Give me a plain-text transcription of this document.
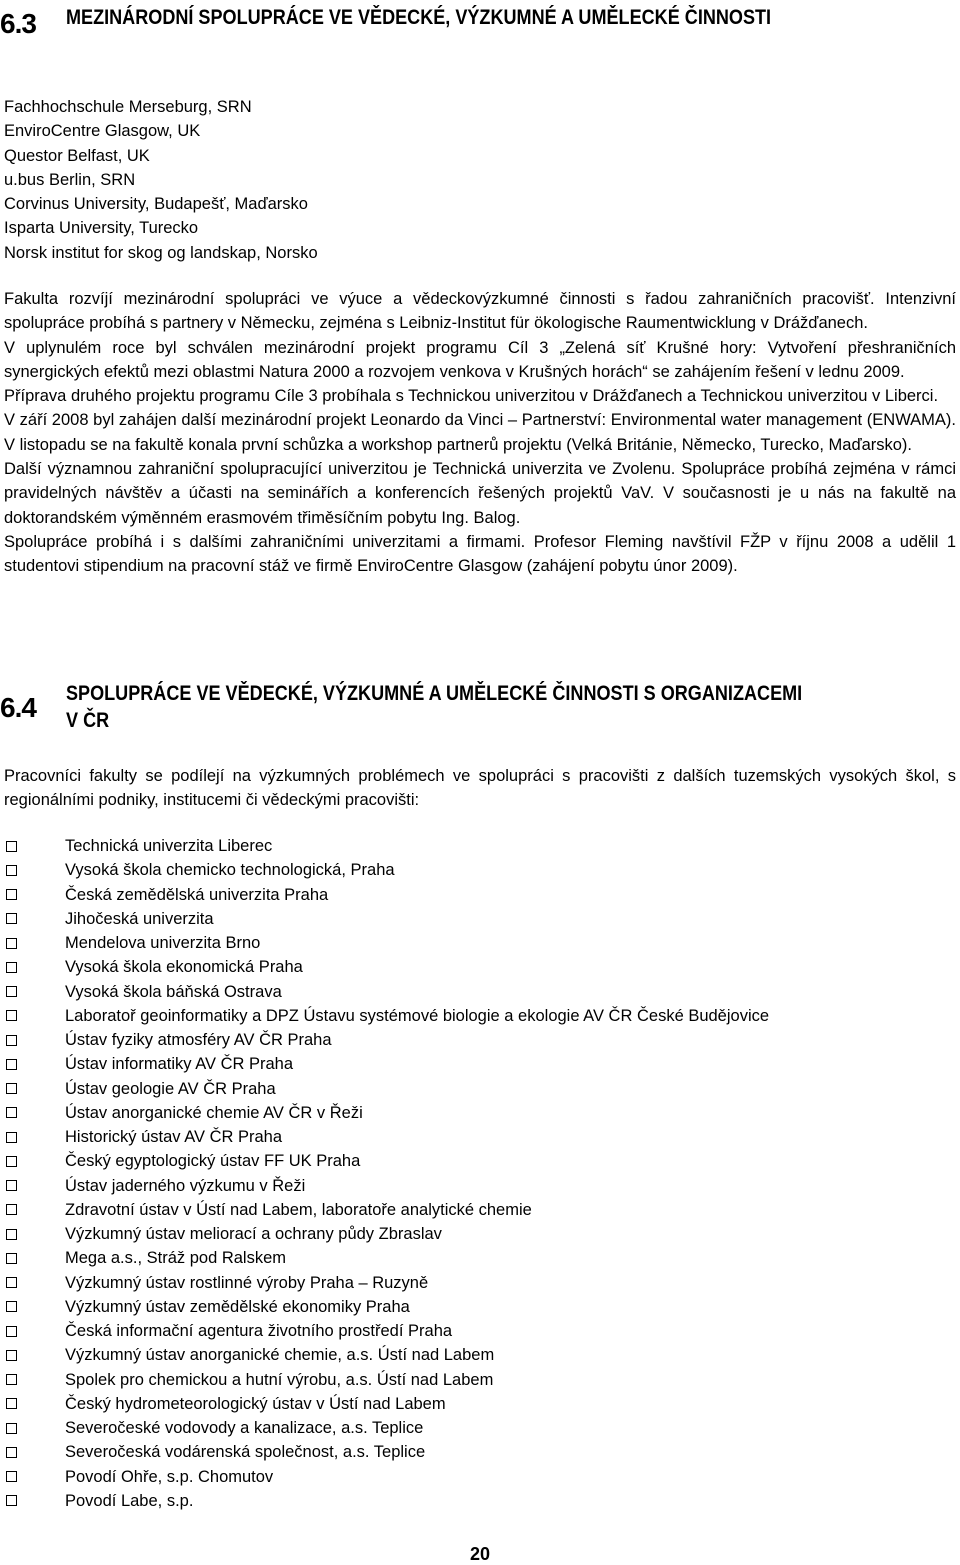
6.3	MEZINÁRODNÍ SPOLUPRÁCE VE VĚDECKÉ, VÝZKUMNÉ A UMĚLECKÉ ČINNOSTI
Fachhochschule Merseburg, SRN
EnviroCentre Glasgow, UK
Questor Belfast, UK
u.bus Berlin, SRN
Corvinus University, Budapešť, Maďarsko
Isparta University, Turecko
Norsk institut for skog og landskap, Norsko

Fakulta rozvíjí mezinárodní spolupráci ve výuce a vědeckovýzkumné činnosti s řadou zahraničních pracovišť. Intenzivní spolupráce probíhá s partnery v Německu, zejména s Leibniz-Institut für ökologische Raumentwicklung v Drážďanech.

V uplynulém roce byl schválen mezinárodní projekt programu Cíl 3 „Zelená síť Krušné hory: Vytvoření přeshraničních synergických efektů mezi oblastmi Natura 2000 a rozvojem venkova v Krušných horách“ se zahájením řešení v lednu 2009.

Příprava druhého projektu programu Cíle 3 probíhala s Technickou univerzitou v Drážďanech a Technickou univerzitou v Liberci.

V září 2008 byl zahájen další mezinárodní projekt Leonardo da Vinci – Partnerství: Environmental water management (ENWAMA). V listopadu se na fakultě konala první schůzka a workshop partnerů projektu (Velká Británie, Německo, Turecko, Maďarsko).

Další významnou zahraniční spolupracující univerzitou je Technická univerzita ve Zvolenu. Spolupráce probíhá zejména v rámci pravidelných návštěv a účasti na seminářích a konferencích řešených projektů VaV. V současnosti je u nás na fakultě na doktorandském výměnném erasmovém třiměsíčním pobytu Ing. Balog.

Spolupráce probíhá i s dalšími zahraničními univerzitami a firmami. Profesor Fleming navštívil FŽP v říjnu 2008 a udělil 1 studentovi stipendium na pracovní stáž ve firmě EnviroCentre Glasgow (zahájení pobytu únor 2009).

6.4	SPOLUPRÁCE VE VĚDECKÉ, VÝZKUMNÉ A UMĚLECKÉ ČINNOSTI S ORGANIZACEMI
V ČR

Pracovníci fakulty se podílejí na výzkumných problémech ve spolupráci s pracovišti z dalších tuzemských vysokých škol, s regionálními podniky, institucemi či vědeckými pracovišti:

Technická univerzita Liberec
Vysoká škola chemicko technologická, Praha
Česká zemědělská univerzita Praha
Jihočeská univerzita
Mendelova univerzita Brno
Vysoká škola ekonomická Praha
Vysoká škola báňská Ostrava
Laboratoř geoinformatiky a DPZ Ústavu systémové biologie a ekologie AV ČR České Budějovice
Ústav fyziky atmosféry AV ČR Praha
Ústav informatiky AV ČR Praha
Ústav geologie AV ČR Praha
Ústav anorganické chemie AV ČR v Řeži
Historický ústav AV ČR Praha
Český egyptologický ústav FF UK Praha
Ústav jaderného výzkumu v Řeži
Zdravotní ústav v Ústí nad Labem, laboratoře analytické chemie
Výzkumný ústav meliorací a ochrany půdy Zbraslav
Mega a.s., Stráž pod Ralskem
Výzkumný ústav rostlinné výroby Praha – Ruzyně
Výzkumný ústav zemědělské ekonomiky Praha
Česká informační agentura životního prostředí Praha
Výzkumný ústav anorganické chemie, a.s. Ústí nad Labem
Spolek pro chemickou a hutní výrobu, a.s. Ústí nad Labem
Český hydrometeorologický ústav v Ústí nad Labem
Severočeské vodovody a kanalizace, a.s. Teplice
Severočeská vodárenská společnost, a.s. Teplice
Povodí Ohře, s.p. Chomutov
Povodí Labe, s.p.
20
